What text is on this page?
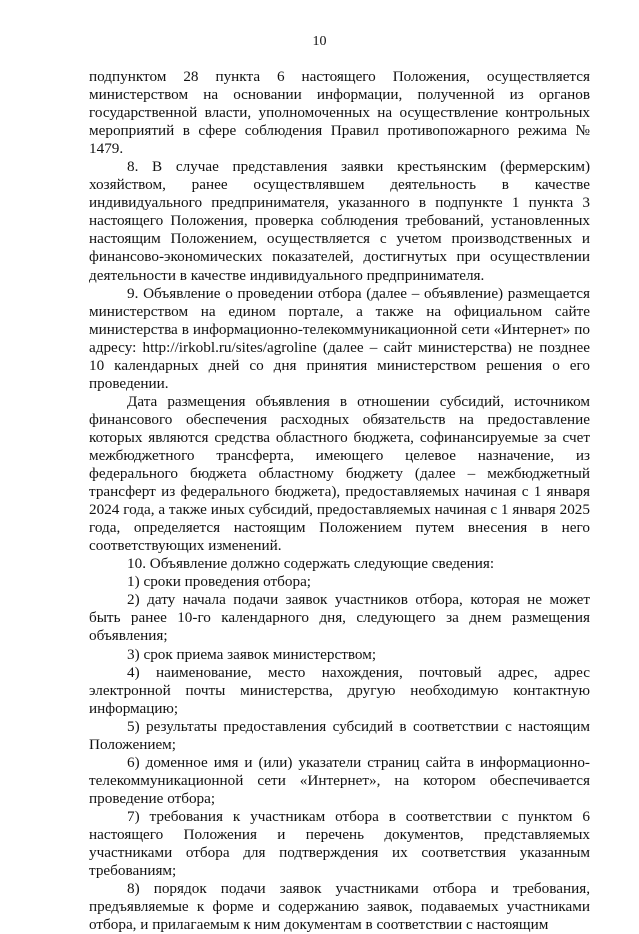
10

подпунктом 28 пункта 6 настоящего Положения, осуществляется министерством на основании информации, полученной из органов государственной власти, уполномоченных на осуществление контрольных мероприятий в сфере соблюдения Правил противопожарного режима № 1479.

8. В случае представления заявки крестьянским (фермерским) хозяйством, ранее осуществлявшем деятельность в качестве индивидуального предпринимателя, указанного в подпункте 1 пункта 3 настоящего Положения, проверка соблюдения требований, установленных настоящим Положением, осуществляется с учетом производственных и финансово-экономических показателей, достигнутых при осуществлении деятельности в качестве индивидуального предпринимателя.

9. Объявление о проведении отбора (далее – объявление) размещается министерством на едином портале, а также на официальном сайте министерства в информационно-телекоммуникационной сети «Интернет» по адресу: http://irkobl.ru/sites/agroline (далее – сайт министерства) не позднее 10 календарных дней со дня принятия министерством решения о его проведении.

Дата размещения объявления в отношении субсидий, источником финансового обеспечения расходных обязательств на предоставление которых являются средства областного бюджета, софинансируемые за счет межбюджетного трансферта, имеющего целевое назначение, из федерального бюджета областному бюджету (далее – межбюджетный трансферт из федерального бюджета), предоставляемых начиная с 1 января 2024 года, а также иных субсидий, предоставляемых начиная с 1 января 2025 года, определяется настоящим Положением путем внесения в него соответствующих изменений.

10. Объявление должно содержать следующие сведения:

1) сроки проведения отбора;

2) дату начала подачи заявок участников отбора, которая не может быть ранее 10-го календарного дня, следующего за днем размещения объявления;

3) срок приема заявок министерством;

4) наименование, место нахождения, почтовый адрес, адрес электронной почты министерства, другую необходимую контактную информацию;

5) результаты предоставления субсидий в соответствии с настоящим Положением;

6) доменное имя и (или) указатели страниц сайта в информационно-телекоммуникационной сети «Интернет», на котором обеспечивается проведение отбора;

7) требования к участникам отбора в соответствии с пунктом 6 настоящего Положения и перечень документов, представляемых участниками отбора для подтверждения их соответствия указанным требованиям;

8) порядок подачи заявок участниками отбора и требования, предъявляемые к форме и содержанию заявок, подаваемых участниками отбора, и прилагаемым к ним документам в соответствии с настоящим
